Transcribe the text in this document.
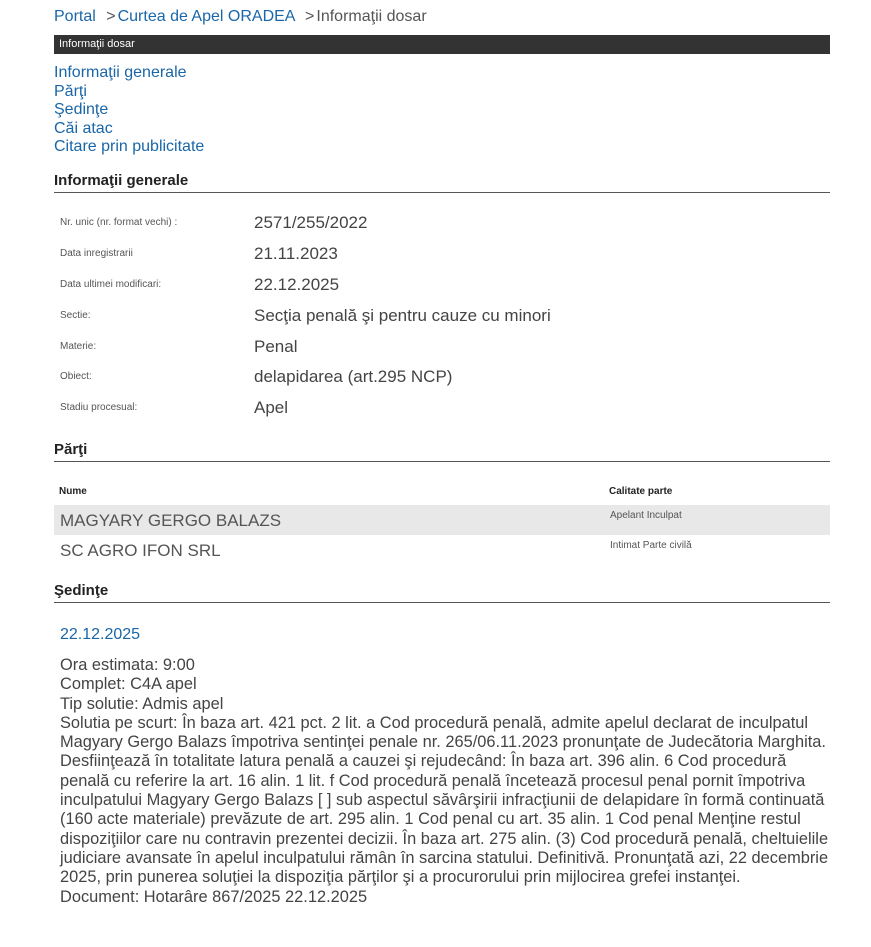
Portal > Curtea de Apel ORADEA > Informaţii dosar
Informaţii dosar
Informaţii generale
Părţi
Şedinţe
Căi atac
Citare prin publicitate
Informaţii generale
Nr. unic (nr. format vechi) :	2571/255/2022
Data inregistrarii	21.11.2023
Data ultimei modificari:	22.12.2025
Sectie:	Secţia penală şi pentru cauze cu minori
Materie:	Penal
Obiect:	delapidarea (art.295 NCP)
Stadiu procesual:	Apel
Părţi
Nume	Calitate parte
MAGYARY GERGO BALAZS	Apelant Inculpat
SC AGRO IFON SRL	Intimat Parte civilă
Şedinţe
22.12.2025
Ora estimata: 9:00
Complet: C4A apel
Tip solutie: Admis apel
Solutia pe scurt: În baza art. 421 pct. 2 lit. a Cod procedură penală, admite apelul declarat de inculpatul Magyary Gergo Balazs împotriva sentinţei penale nr. 265/06.11.2023 pronunţate de Judecătoria Marghita. Desfiinţează în totalitate latura penală a cauzei şi rejudecând: În baza art. 396 alin. 6 Cod procedură penală cu referire la art. 16 alin. 1 lit. f Cod procedură penală încetează procesul penal pornit împotriva inculpatului Magyary Gergo Balazs [ ] sub aspectul săvârşirii infracţiunii de delapidare în formă continuată (160 acte materiale) prevăzute de art. 295 alin. 1 Cod penal cu art. 35 alin. 1 Cod penal Menţine restul dispoziţiilor care nu contravin prezentei decizii. În baza art. 275 alin. (3) Cod procedură penală, cheltuielile judiciare avansate în apelul inculpatului rămân în sarcina statului. Definitivă. Pronunţată azi, 22 decembrie 2025, prin punerea soluţiei la dispoziţia părţilor şi a procurorului prin mijlocirea grefei instanţei.
Document: Hotarâre 867/2025 22.12.2025
